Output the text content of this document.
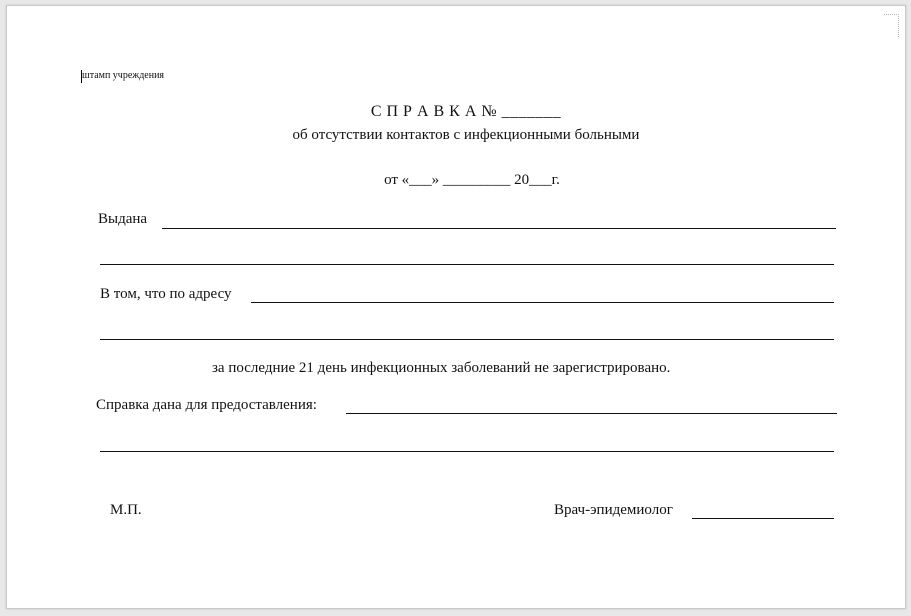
штамп учреждения
С П Р А В К А № _______
об отсутствии контактов с инфекционными больными
от «___» _________ 20___г.
Выдана
В том, что по адресу
за последние 21 день инфекционных заболеваний не зарегистрировано.
Справка дана для предоставления:
М.П.	Врач-эпидемиолог
